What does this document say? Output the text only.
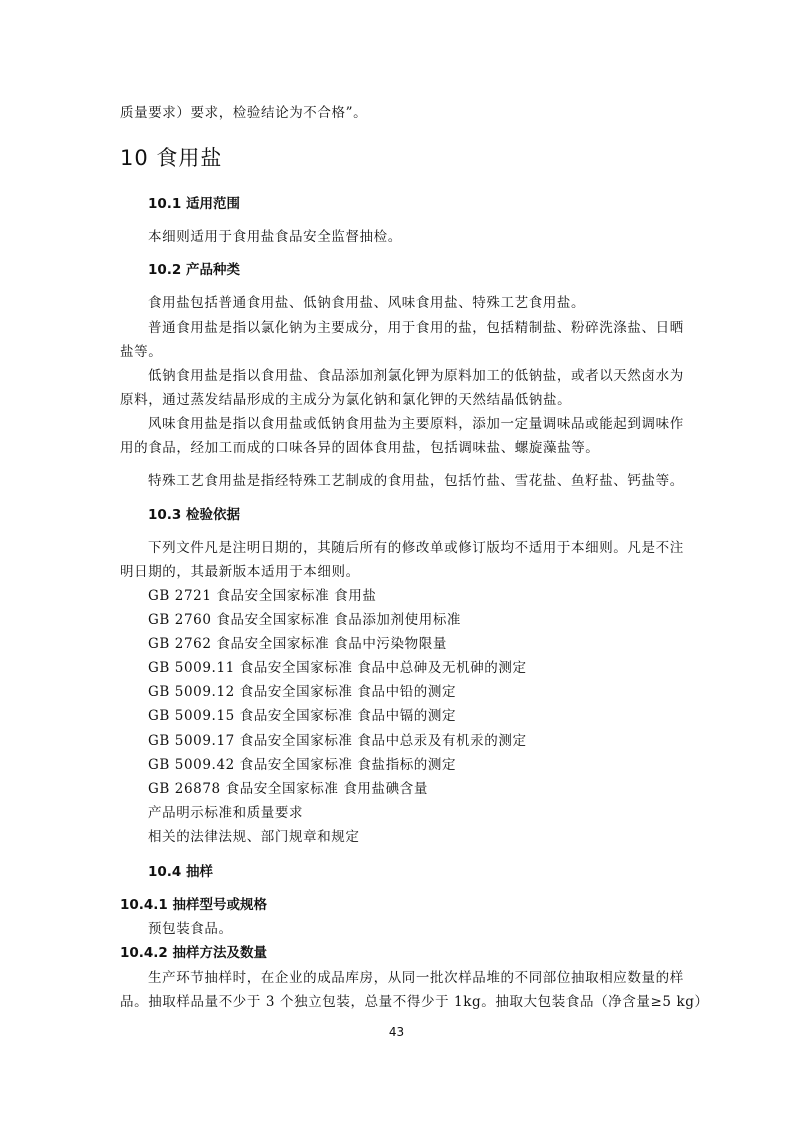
质量要求）要求，检验结论为不合格”。
10 食用盐
10.1 适用范围
本细则适用于食用盐食品安全监督抽检。
10.2 产品种类
食用盐包括普通食用盐、低钠食用盐、风味食用盐、特殊工艺食用盐。
普通食用盐是指以氯化钠为主要成分，用于食用的盐，包括精制盐、粉碎洗涤盐、日晒
盐等。
低钠食用盐是指以食用盐、食品添加剂氯化钾为原料加工的低钠盐，或者以天然卤水为
原料，通过蒸发结晶形成的主成分为氯化钠和氯化钾的天然结晶低钠盐。
风味食用盐是指以食用盐或低钠食用盐为主要原料，添加一定量调味品或能起到调味作
用的食品，经加工而成的口味各异的固体食用盐，包括调味盐、螺旋藻盐等。
特殊工艺食用盐是指经特殊工艺制成的食用盐，包括竹盐、雪花盐、鱼籽盐、钙盐等。
10.3 检验依据
下列文件凡是注明日期的，其随后所有的修改单或修订版均不适用于本细则。凡是不注
明日期的，其最新版本适用于本细则。
GB 2721 食品安全国家标准 食用盐
GB 2760 食品安全国家标准 食品添加剂使用标准
GB 2762 食品安全国家标准 食品中污染物限量
GB 5009.11 食品安全国家标准 食品中总砷及无机砷的测定
GB 5009.12 食品安全国家标准 食品中铅的测定
GB 5009.15 食品安全国家标准 食品中镉的测定
GB 5009.17 食品安全国家标准 食品中总汞及有机汞的测定
GB 5009.42 食品安全国家标准 食盐指标的测定
GB 26878 食品安全国家标准 食用盐碘含量
产品明示标准和质量要求
相关的法律法规、部门规章和规定
10.4 抽样
10.4.1 抽样型号或规格
预包装食品。
10.4.2 抽样方法及数量
生产环节抽样时，在企业的成品库房，从同一批次样品堆的不同部位抽取相应数量的样
品。抽取样品量不少于 3 个独立包装，总量不得少于 1kg。抽取大包装食品（净含量≥5 kg）
43
